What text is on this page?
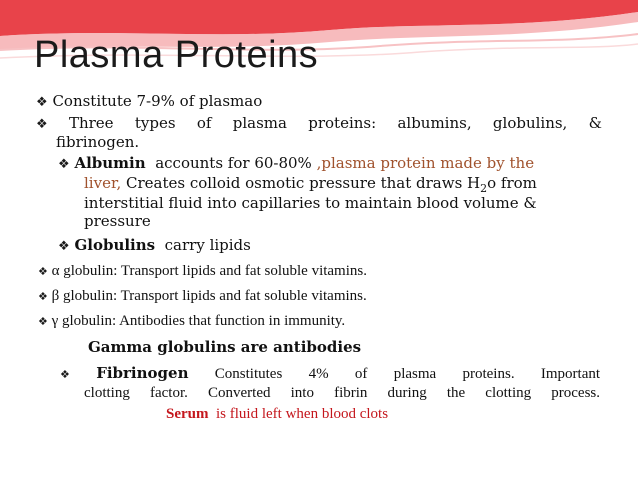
Plasma Proteins
❖ Constitute 7-9% of plasmao
❖ Three types of plasma proteins: albumins, globulins, &
fibrinogen.
❖ Albumin accounts for 60-80% ,plasma protein made by the
liver, Creates colloid osmotic pressure that draws $H_2o$ from
interstitial fluid into capillaries to maintain blood volume &
pressure
❖ Globulins carry lipids
❖ α globulin: Transport lipids and fat soluble vitamins.
❖ β globulin: Transport lipids and fat soluble vitamins.
❖ γ globulin: Antibodies that function in immunity.
Gamma globulins are antibodies
❖ Fibrinogen Constitutes 4% of plasma proteins. Important
clotting factor. Converted into fibrin during the clotting process.
Serum is fluid left when blood clots
